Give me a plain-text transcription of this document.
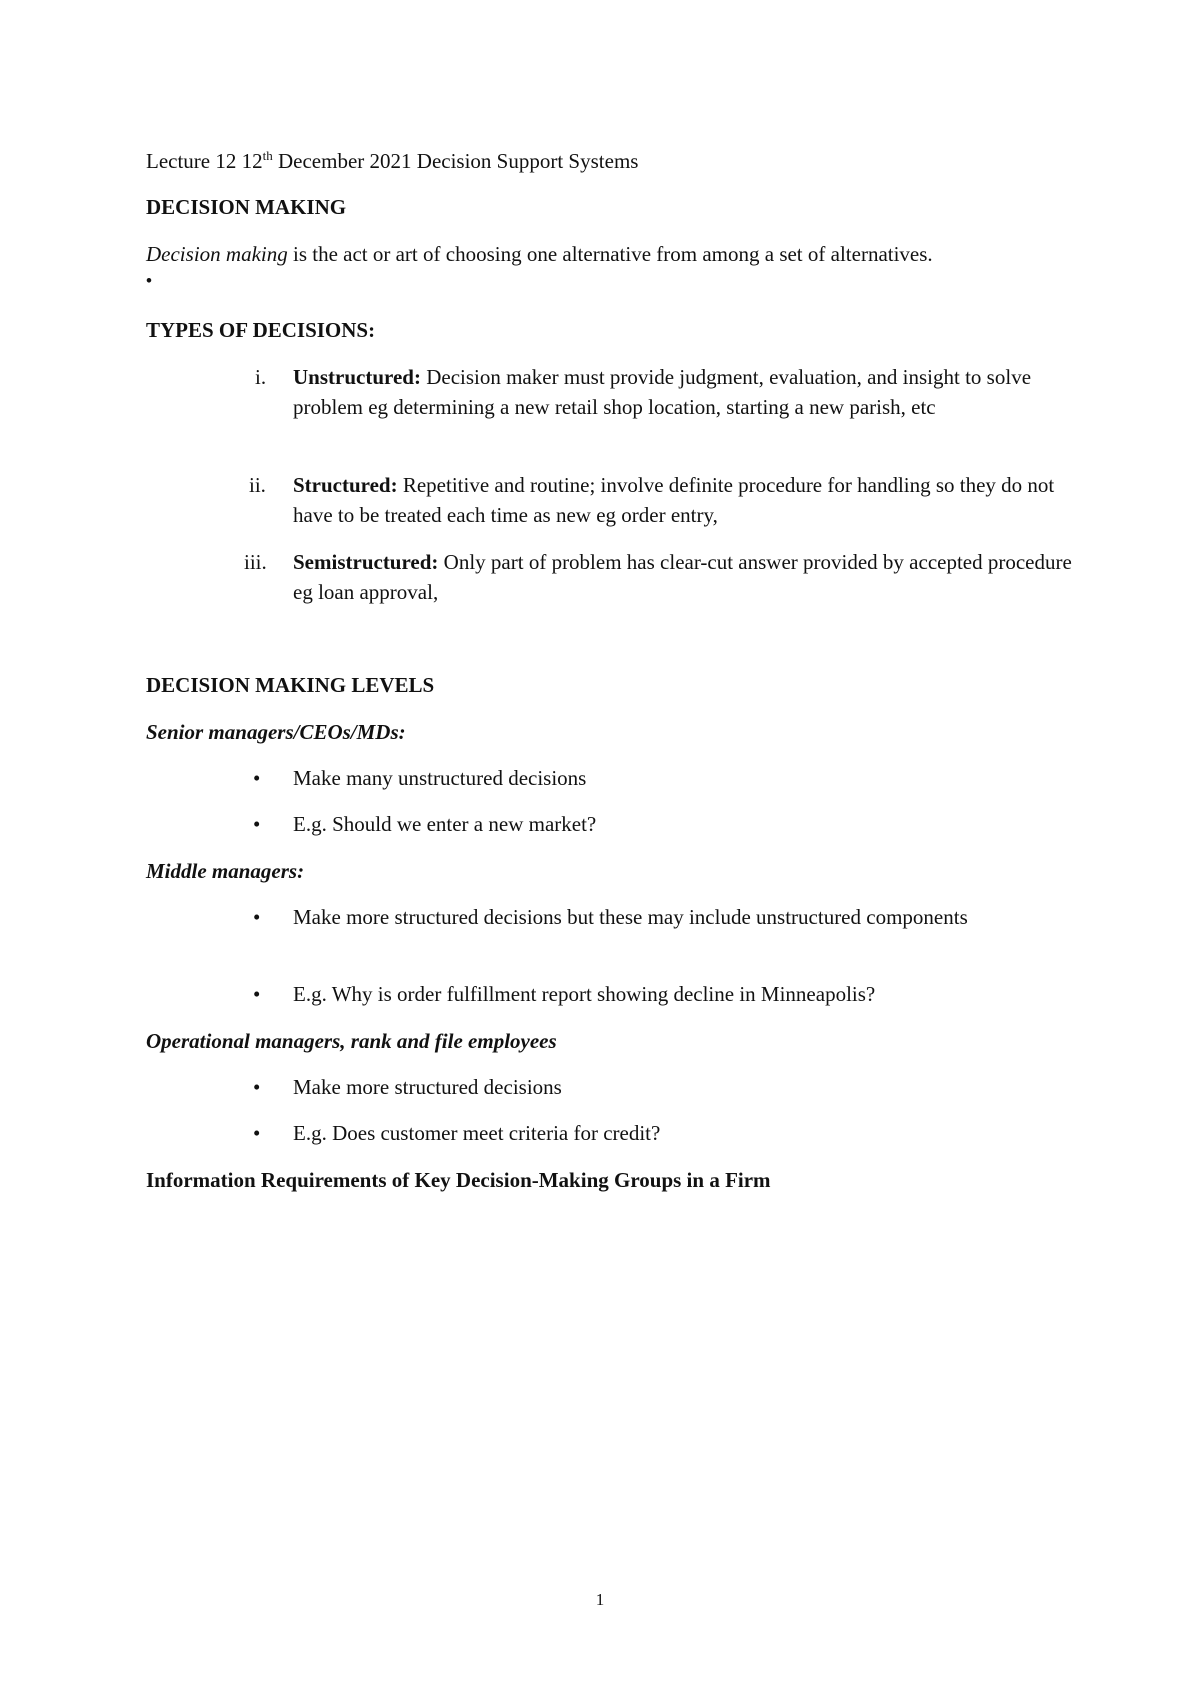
Lecture 12 12th December 2021 Decision Support Systems
DECISION MAKING
Decision making is the act or art of choosing one alternative from among a set of alternatives.
•
TYPES OF DECISIONS:
i.	Unstructured: Decision maker must provide judgment, evaluation, and insight to solve problem eg determining a new retail shop location, starting a new parish, etc
ii.	Structured: Repetitive and routine; involve definite procedure for handling so they do not have to be treated each time as new eg order entry,
iii.	Semistructured: Only part of problem has clear-cut answer provided by accepted procedure eg loan approval,
DECISION MAKING LEVELS
Senior managers/CEOs/MDs:
•	Make many unstructured decisions
•	E.g. Should we enter a new market?
Middle managers:
•	Make more structured decisions but these may include unstructured components
•	E.g. Why is order fulfillment report showing decline in Minneapolis?
Operational managers, rank and file employees
•	Make more structured decisions
•	E.g. Does customer meet criteria for credit?
Information Requirements of Key Decision-Making Groups in a Firm
1
